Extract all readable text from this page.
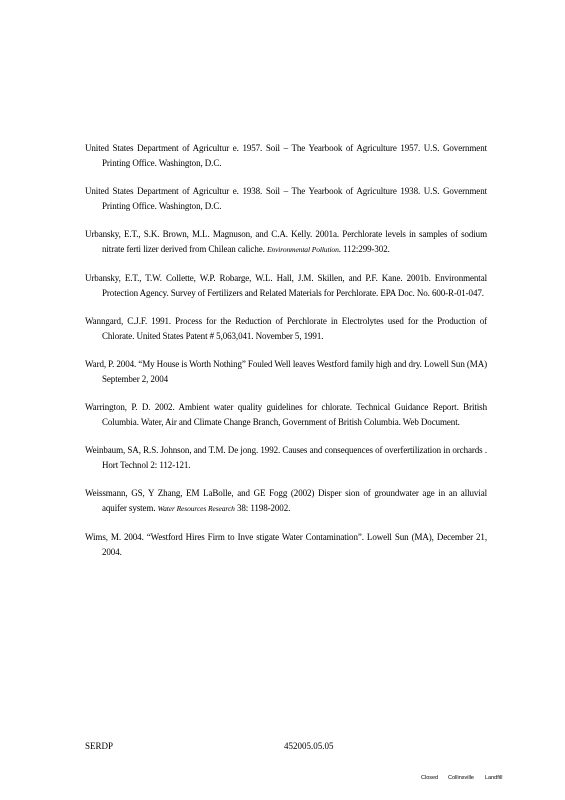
United States Department of Agricultur e. 1957. Soil – The Yearbook of Agriculture 1957. U.S. Government Printing Office. Washington, D.C.

United States Department of Agricultur e. 1938. Soil – The Yearbook of Agriculture 1938. U.S. Government Printing Office. Washington, D.C.

Urbansky, E.T., S.K. Brown, M.L. Magnuson, and C.A. Kelly. 2001a. Perchlorate levels in samples of sodium nitrate ferti lizer derived from Chilean caliche. Environmental Pollution. 112:299-302.

Urbansky, E.T., T.W. Collette, W.P. Robarge, W.L. Hall, J.M. Skillen, and P.F. Kane. 2001b. Environmental Protection Agency. Survey of Fertilizers and Related Materials for Perchlorate. EPA Doc. No. 600-R-01-047.

Wanngard, C.J.F. 1991. Process for the Reduction of Perchlorate in Electrolytes used for the Production of Chlorate. United States Patent # 5,063,041. November 5, 1991.

Ward, P. 2004. “My House is Worth Nothing” Fouled Well leaves Westford family high and dry. Lowell Sun (MA) September 2, 2004

Warrington, P. D. 2002. Ambient water quality guidelines for chlorate. Technical Guidance Report. British Columbia. Water, Air and Climate Change Branch, Government of British Columbia. Web Document.

Weinbaum, SA, R.S. Johnson, and T.M. De jong. 1992. Causes and consequences of overfertilization in orchards . Hort Technol 2: 112-121.

Weissmann, GS, Y Zhang, EM LaBolle, and GE Fogg (2002) Disper sion of groundwater age in an alluvial aquifer system. Water Resources Research 38: 1198-2002.

Wims, M. 2004. “Westford Hires Firm to Inve stigate Water Contamination”. Lowell Sun (MA), December 21, 2004.

SERDP	452005.05.05
Closed Collinsville Landfill
